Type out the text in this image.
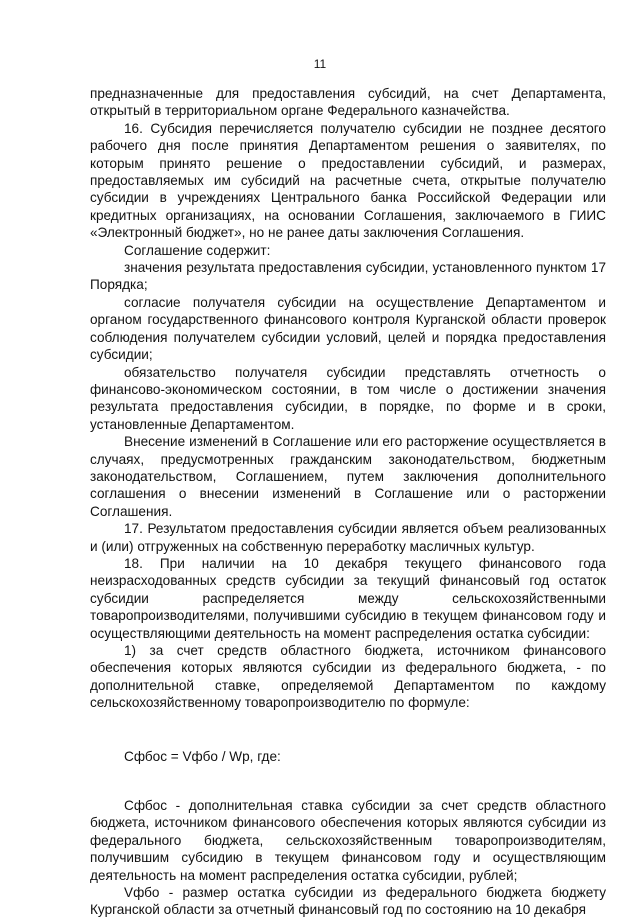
11

предназначенные для предоставления субсидий, на счет Департамента, открытый в территориальном органе Федерального казначейства.

16. Субсидия перечисляется получателю субсидии не позднее десятого рабочего дня после принятия Департаментом решения о заявителях, по которым принято решение о предоставлении субсидий, и размерах, предоставляемых им субсидий на расчетные счета, открытые получателю субсидии в учреждениях Центрального банка Российской Федерации или кредитных организациях, на основании Соглашения, заключаемого в ГИИС «Электронный бюджет», но не ранее даты заключения Соглашения.

Соглашение содержит:

значения результата предоставления субсидии, установленного пунктом 17 Порядка;

согласие получателя субсидии на осуществление Департаментом и органом государственного финансового контроля Курганской области проверок соблюдения получателем субсидии условий, целей и порядка предоставления субсидии;

обязательство получателя субсидии представлять отчетность о финансово-экономическом состоянии, в том числе о достижении значения результата предоставления субсидии, в порядке, по форме и в сроки, установленные Департаментом.

Внесение изменений в Соглашение или его расторжение осуществляется в случаях, предусмотренных гражданским законодательством, бюджетным законодательством, Соглашением, путем заключения дополнительного соглашения о внесении изменений в Соглашение или о расторжении Соглашения.

17. Результатом предоставления субсидии является объем реализованных и (или) отгруженных на собственную переработку масличных культур.

18. При наличии на 10 декабря текущего финансового года неизрасходованных средств субсидии за текущий финансовый год остаток субсидии распределяется между сельскохозяйственными товаропроизводителями, получившими субсидию в текущем финансовом году и осуществляющими деятельность на момент распределения остатка субсидии:

1) за счет средств областного бюджета, источником финансового обеспечения которых являются субсидии из федерального бюджета, - по дополнительной ставке, определяемой Департаментом по каждому сельскохозяйственному товаропроизводителю по формуле:

Сфбос = Vфбо / Wр, где:

Сфбос - дополнительная ставка субсидии за счет средств областного бюджета, источником финансового обеспечения которых являются субсидии из федерального бюджета, сельскохозяйственным товаропроизводителям, получившим субсидию в текущем финансовом году и осуществляющим деятельность на момент распределения остатка субсидии, рублей;

Vфбо - размер остатка субсидии из федерального бюджета бюджету Курганской области за отчетный финансовый год по состоянию на 10 декабря
